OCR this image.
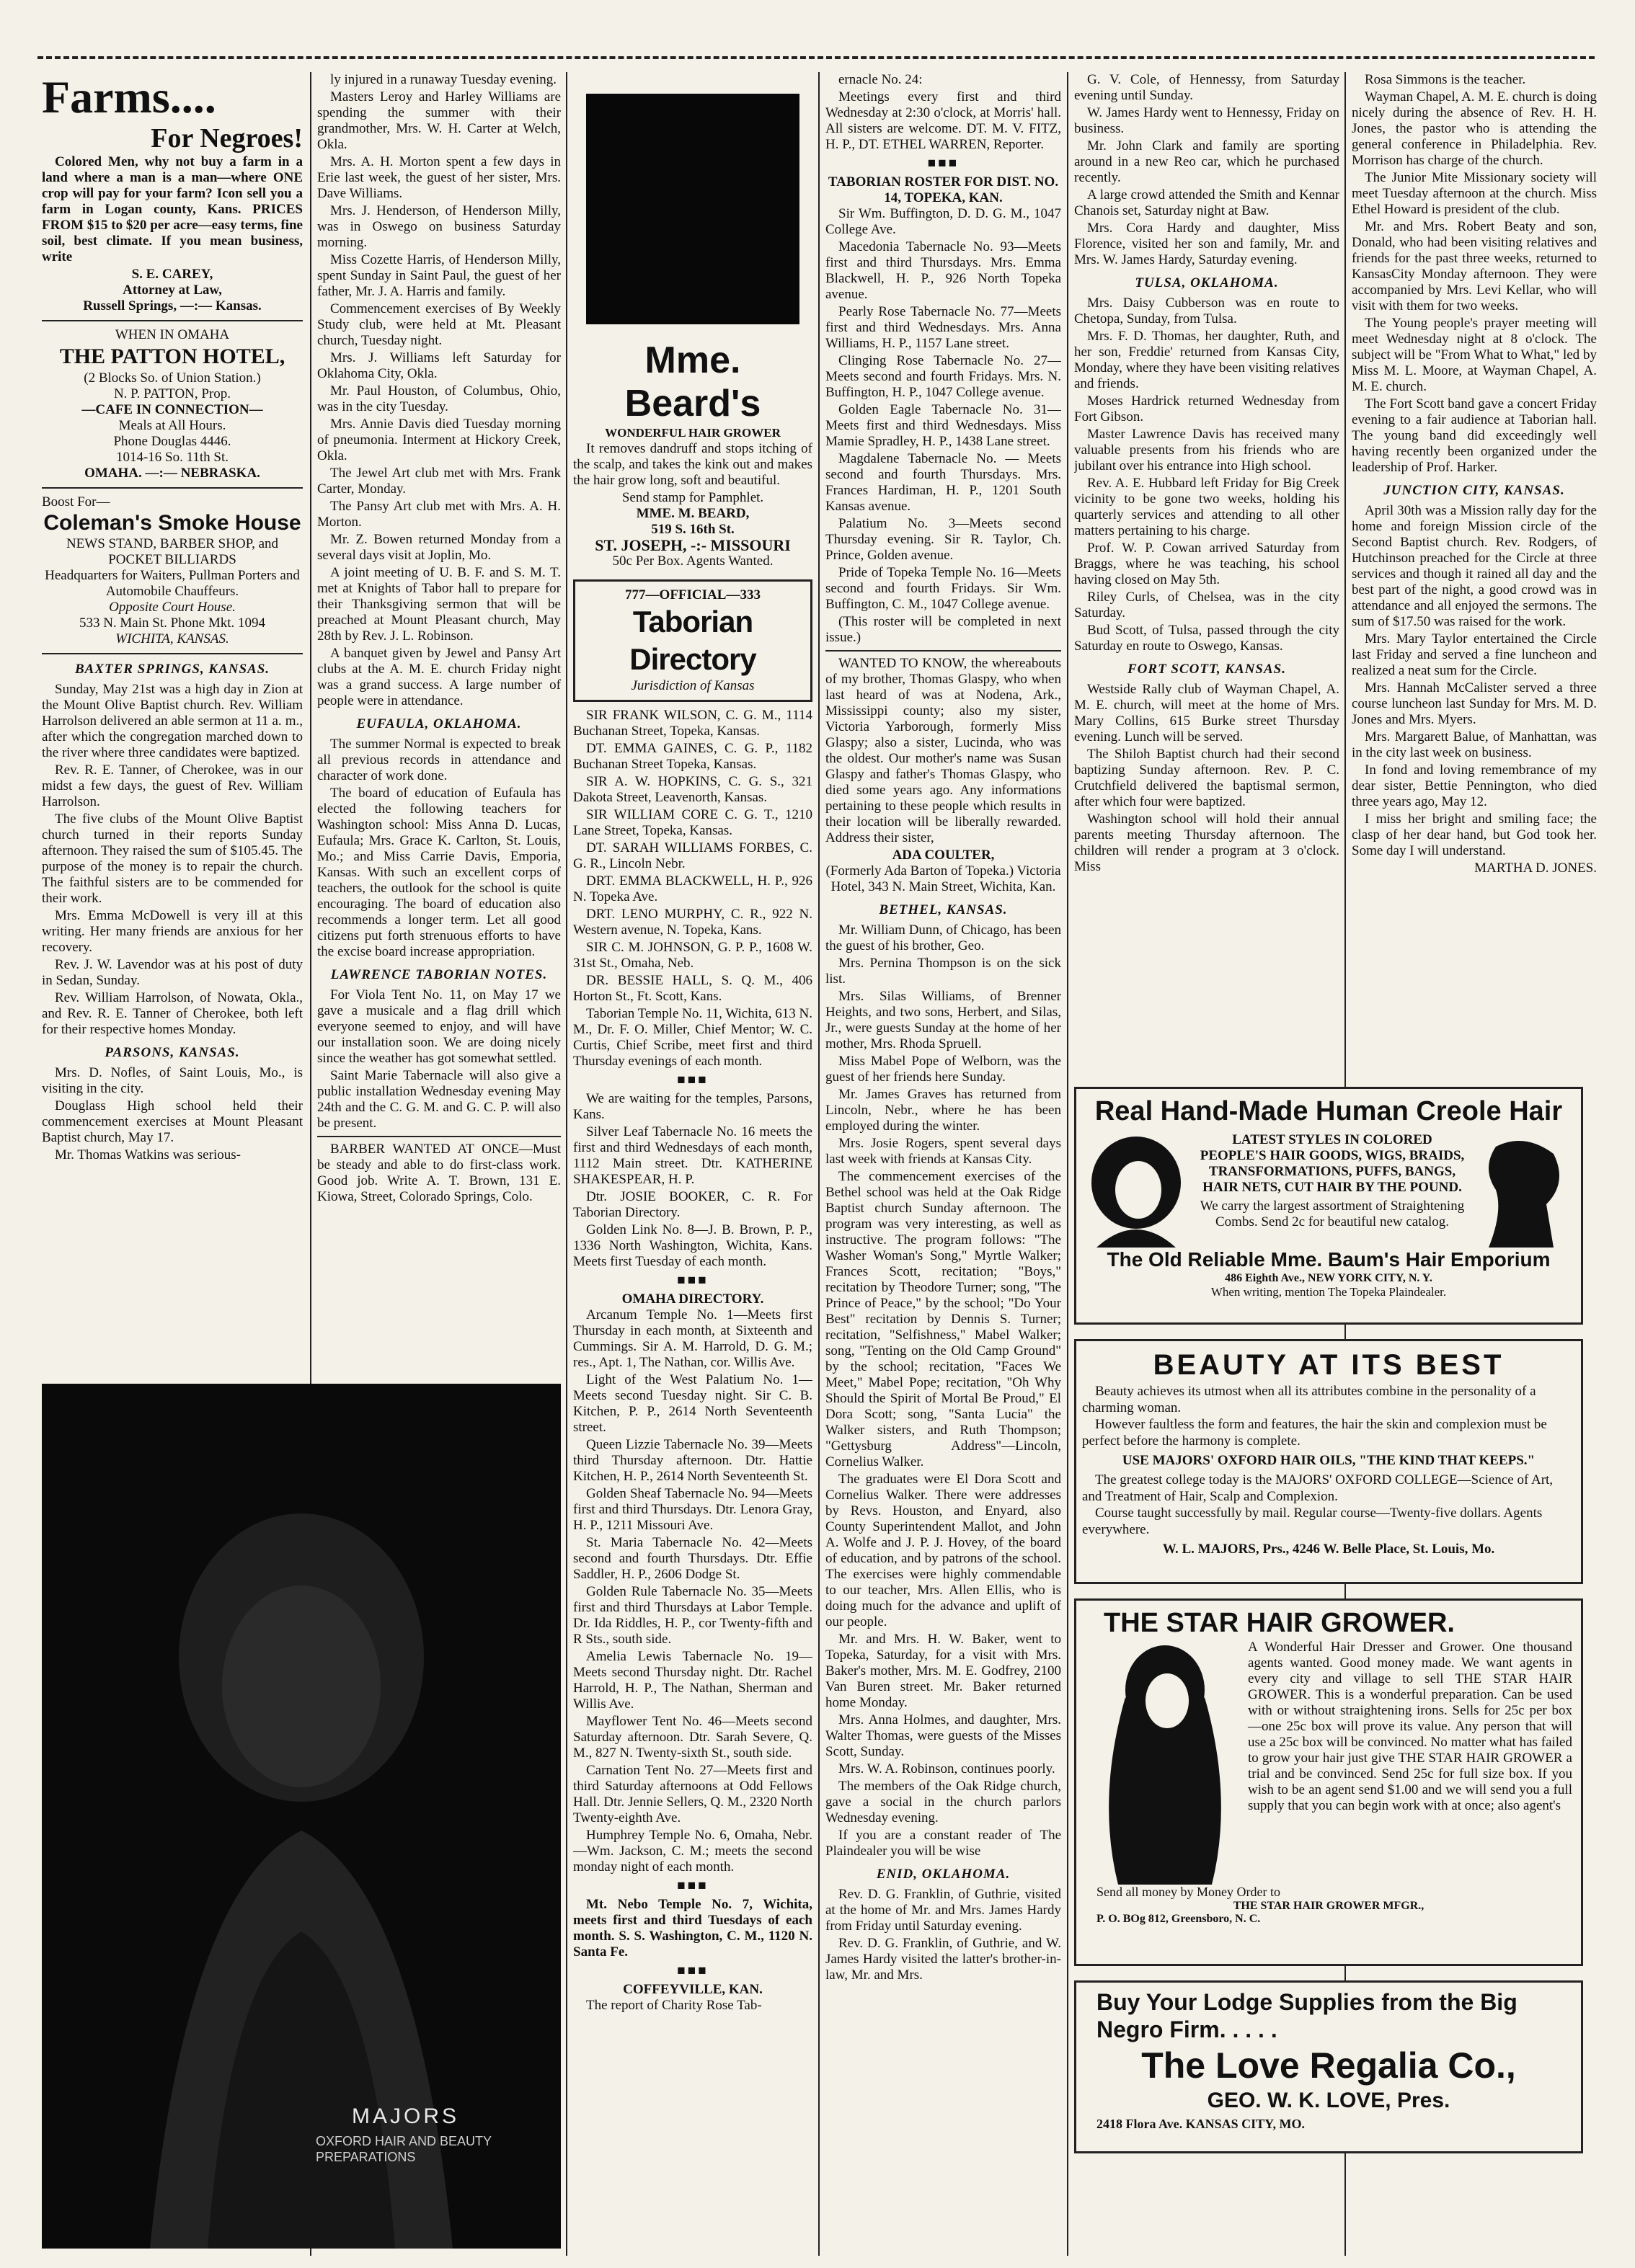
Farms....
For Negroes!

Colored Men, why not buy a farm in a land where a man is a man—where ONE crop will pay for your farm? Icon sell you a farm in Logan county, Kans. PRICES FROM $15 to $20 per acre—easy terms, fine soil, best climate. If you mean business, write

S. E. CAREY,
Attorney at Law,
Russell Springs, —:— Kansas.
WHEN IN OMAHA
THE PATTON HOTEL,
(2 Blocks So. of Union Station.)
N. P. PATTON, Prop.
—CAFE IN CONNECTION—
Meals at All Hours.
Phone Douglas 4446.
1014-16 So. 11th St.
OMAHA. —:— NEBRASKA.
Boost For—
Coleman's Smoke House
NEWS STAND, BARBER SHOP, and POCKET BILLIARDS
Headquarters for Waiters, Pullman Porters and Automobile Chauffeurs.
Opposite Court House.
533 N. Main St. Phone Mkt. 1094
WICHITA, KANSAS.
BAXTER SPRINGS, KANSAS.

Sunday, May 21st was a high day in Zion at the Mount Olive Baptist church. Rev. William Harrolson delivered an able sermon at 11 a. m., after which the congregation marched down to the river where three candidates were baptized.

Rev. R. E. Tanner, of Cherokee, was in our midst a few days, the guest of Rev. William Harrolson.

The five clubs of the Mount Olive Baptist church turned in their reports Sunday afternoon. They raised the sum of $105.45. The purpose of the money is to repair the church. The faithful sisters are to be commended for their work.

Mrs. Emma McDowell is very ill at this writing. Her many friends are anxious for her recovery.

Rev. J. W. Lavendor was at his post of duty in Sedan, Sunday.

Rev. William Harrolson, of Nowata, Okla., and Rev. R. E. Tanner of Cherokee, both left for their respective homes Monday.

PARSONS, KANSAS.

Mrs. D. Nofles, of Saint Louis, Mo., is visiting in the city.

Douglass High school held their commencement exercises at Mount Pleasant Baptist church, May 17.

Mr. Thomas Watkins was serious-

MAJORS
OXFORD HAIR AND BEAUTY PREPARATIONS

ly injured in a runaway Tuesday evening.

Masters Leroy and Harley Williams are spending the summer with their grandmother, Mrs. W. H. Carter at Welch, Okla.

Mrs. A. H. Morton spent a few days in Erie last week, the guest of her sister, Mrs. Dave Williams.

Mrs. J. Henderson, of Henderson Milly, was in Oswego on business Saturday morning.

Miss Cozette Harris, of Henderson Milly, spent Sunday in Saint Paul, the guest of her father, Mr. J. A. Harris and family.

Commencement exercises of By Weekly Study club, were held at Mt. Pleasant church, Tuesday night.

Mrs. J. Williams left Saturday for Oklahoma City, Okla.

Mr. Paul Houston, of Columbus, Ohio, was in the city Tuesday.

Mrs. Annie Davis died Tuesday morning of pneumonia. Interment at Hickory Creek, Okla.

The Jewel Art club met with Mrs. Frank Carter, Monday.

The Pansy Art club met with Mrs. A. H. Morton.

Mr. Z. Bowen returned Monday from a several days visit at Joplin, Mo.

A joint meeting of U. B. F. and S. M. T. met at Knights of Tabor hall to prepare for their Thanksgiving sermon that will be preached at Mount Pleasant church, May 28th by Rev. J. L. Robinson.

A banquet given by Jewel and Pansy Art clubs at the A. M. E. church Friday night was a grand success. A large number of people were in attendance.

EUFAULA, OKLAHOMA.

The summer Normal is expected to break all previous records in attendance and character of work done.

The board of education of Eufaula has elected the following teachers for Washington school: Miss Anna D. Lucas, Eufaula; Mrs. Grace K. Carlton, St. Louis, Mo.; and Miss Carrie Davis, Emporia, Kansas. With such an excellent corps of teachers, the outlook for the school is quite encouraging. The board of education also recommends a longer term. Let all good citizens put forth strenuous efforts to have the excise board increase appropriation.

LAWRENCE TABORIAN NOTES.

For Viola Tent No. 11, on May 17 we gave a musicale and a flag drill which everyone seemed to enjoy, and will have our installation soon. We are doing nicely since the weather has got somewhat settled.

Saint Marie Tabernacle will also give a public installation Wednesday evening May 24th and the C. G. M. and G. C. P. will also be present.

BARBER WANTED AT ONCE—Must be steady and able to do first-class work. Good job. Write A. T. Brown, 131 E. Kiowa, Street, Colorado Springs, Colo.

Mme. Beard's
WONDERFUL HAIR GROWER

It removes dandruff and stops itching of the scalp, and takes the kink out and makes the hair grow long, soft and beautiful.

Send stamp for Pamphlet.
MME. M. BEARD,
519 S. 16th St.
ST. JOSEPH, -:- MISSOURI
50c Per Box. Agents Wanted.
777—OFFICIAL—333
Taborian Directory
Jurisdiction of Kansas

SIR FRANK WILSON, C. G. M., 1114 Buchanan Street, Topeka, Kansas.

DT. EMMA GAINES, C. G. P., 1182 Buchanan Street Topeka, Kansas.

SIR A. W. HOPKINS, C. G. S., 321 Dakota Street, Leavenorth, Kansas.

SIR WILLIAM CORE C. G. T., 1210 Lane Street, Topeka, Kansas.

DT. SARAH WILLIAMS FORBES, C. G. R., Lincoln Nebr.

DRT. EMMA BLACKWELL, H. P., 926 N. Topeka Ave.

DRT. LENO MURPHY, C. R., 922 N. Western avenue, N. Topeka, Kans.

SIR C. M. JOHNSON, G. P. P., 1608 W. 31st St., Omaha, Neb.

DR. BESSIE HALL, S. Q. M., 406 Horton St., Ft. Scott, Kans.

Taborian Temple No. 11, Wichita, 613 N. M., Dr. F. O. Miller, Chief Mentor; W. C. Curtis, Chief Scribe, meet first and third Thursday evenings of each month.

■■■

We are waiting for the temples, Parsons, Kans.

Silver Leaf Tabernacle No. 16 meets the first and third Wednesdays of each month, 1112 Main street. Dtr. KATHERINE SHAKESPEAR, H. P.

Dtr. JOSIE BOOKER, C. R. For Taborian Directory.

Golden Link No. 8—J. B. Brown, P. P., 1336 North Washington, Wichita, Kans. Meets first Tuesday of each month.

■■■
OMAHA DIRECTORY.

Arcanum Temple No. 1—Meets first Thursday in each month, at Sixteenth and Cummings. Sir A. M. Harrold, D. G. M.; res., Apt. 1, The Nathan, cor. Willis Ave.

Light of the West Palatium No. 1—Meets second Tuesday night. Sir C. B. Kitchen, P. P., 2614 North Seventeenth street.

Queen Lizzie Tabernacle No. 39—Meets third Thursday afternoon. Dtr. Hattie Kitchen, H. P., 2614 North Seventeenth St.

Golden Sheaf Tabernacle No. 94—Meets first and third Thursdays. Dtr. Lenora Gray, H. P., 1211 Missouri Ave.

St. Maria Tabernacle No. 42—Meets second and fourth Thursdays. Dtr. Effie Saddler, H. P., 2606 Dodge St.

Golden Rule Tabernacle No. 35—Meets first and third Thursdays at Labor Temple. Dr. Ida Riddles, H. P., cor Twenty-fifth and R Sts., south side.

Amelia Lewis Tabernacle No. 19—Meets second Thursday night. Dtr. Rachel Harrold, H. P., The Nathan, Sherman and Willis Ave.

Mayflower Tent No. 46—Meets second Saturday afternoon. Dtr. Sarah Severe, Q. M., 827 N. Twenty-sixth St., south side.

Carnation Tent No. 27—Meets first and third Saturday afternoons at Odd Fellows Hall. Dtr. Jennie Sellers, Q. M., 2320 North Twenty-eighth Ave.

Humphrey Temple No. 6, Omaha, Nebr.—Wm. Jackson, C. M.; meets the second monday night of each month.

■■■

Mt. Nebo Temple No. 7, Wichita, meets first and third Tuesdays of each month. S. S. Washington, C. M., 1120 N. Santa Fe.

■■■
COFFEYVILLE, KAN.

The report of Charity Rose Tab-

ernacle No. 24:

Meetings every first and third Wednesday at 2:30 o'clock, at Morris' hall. All sisters are welcome. DT. M. V. FITZ, H. P., DT. ETHEL WARREN, Reporter.

■■■
TABORIAN ROSTER FOR DIST. NO. 14, TOPEKA, KAN.

Sir Wm. Buffington, D. D. G. M., 1047 College Ave.

Macedonia Tabernacle No. 93—Meets first and third Thursdays. Mrs. Emma Blackwell, H. P., 926 North Topeka avenue.

Pearly Rose Tabernacle No. 77—Meets first and third Wednesdays. Mrs. Anna Williams, H. P., 1157 Lane street.

Clinging Rose Tabernacle No. 27—Meets second and fourth Fridays. Mrs. N. Buffington, H. P., 1047 College avenue.

Golden Eagle Tabernacle No. 31—Meets first and third Wednesdays. Miss Mamie Spradley, H. P., 1438 Lane street.

Magdalene Tabernacle No. — Meets second and fourth Thursdays. Mrs. Frances Hardiman, H. P., 1201 South Kansas avenue.

Palatium No. 3—Meets second Thursday evening. Sir R. Taylor, Ch. Prince, Golden avenue.

Pride of Topeka Temple No. 16—Meets second and fourth Fridays. Sir Wm. Buffington, C. M., 1047 College avenue.

(This roster will be completed in next issue.)

WANTED TO KNOW, the whereabouts of my brother, Thomas Glaspy, who when last heard of was at Nodena, Ark., Mississippi county; also my sister, Victoria Yarborough, formerly Miss Glaspy; also a sister, Lucinda, who was the oldest. Our mother's name was Susan Glaspy and father's Thomas Glaspy, who died some years ago. Any informations pertaining to these people which results in their location will be liberally rewarded. Address their sister,

ADA COULTER,
(Formerly Ada Barton of Topeka.) Victoria Hotel, 343 N. Main Street, Wichita, Kan.
BETHEL, KANSAS.

Mr. William Dunn, of Chicago, has been the guest of his brother, Geo.

Mrs. Pernina Thompson is on the sick list.

Mrs. Silas Williams, of Brenner Heights, and two sons, Herbert, and Silas, Jr., were guests Sunday at the home of her mother, Mrs. Rhoda Spruell.

Miss Mabel Pope of Welborn, was the guest of her friends here Sunday.

Mr. James Graves has returned from Lincoln, Nebr., where he has been employed during the winter.

Mrs. Josie Rogers, spent several days last week with friends at Kansas City.

The commencement exercises of the Bethel school was held at the Oak Ridge Baptist church Sunday afternoon. The program was very interesting, as well as instructive. The program follows: "The Washer Woman's Song," Myrtle Walker; Frances Scott, recitation; "Boys," recitation by Theodore Turner; song, "The Prince of Peace," by the school; "Do Your Best" recitation by Dennis S. Turner; recitation, "Selfishness," Mabel Walker; song, "Tenting on the Old Camp Ground" by the school; recitation, "Faces We Meet," Mabel Pope; recitation, "Oh Why Should the Spirit of Mortal Be Proud," El Dora Scott; song, "Santa Lucia" the Walker sisters, and Ruth Thompson; "Gettysburg Address"—Lincoln, Cornelius Walker.

The graduates were El Dora Scott and Cornelius Walker. There were addresses by Revs. Houston, and Enyard, also County Superintendent Mallot, and John A. Wolfe and J. P. J. Hovey, of the board of education, and by patrons of the school. The exercises were highly commendable to our teacher, Mrs. Allen Ellis, who is doing much for the advance and uplift of our people.

Mr. and Mrs. H. W. Baker, went to Topeka, Saturday, for a visit with Mrs. Baker's mother, Mrs. M. E. Godfrey, 2100 Van Buren street. Mr. Baker returned home Monday.

Mrs. Anna Holmes, and daughter, Mrs. Walter Thomas, were guests of the Misses Scott, Sunday.

Mrs. W. A. Robinson, continues poorly.

The members of the Oak Ridge church, gave a social in the church parlors Wednesday evening.

If you are a constant reader of The Plaindealer you will be wise

ENID, OKLAHOMA.

Rev. D. G. Franklin, of Guthrie, visited at the home of Mr. and Mrs. James Hardy from Friday until Saturday evening.

Rev. D. G. Franklin, of Guthrie, and W. James Hardy visited the latter's brother-in-law, Mr. and Mrs.

G. V. Cole, of Hennessy, from Saturday evening until Sunday.

W. James Hardy went to Hennessy, Friday on business.

Mr. John Clark and family are sporting around in a new Reo car, which he purchased recently.

A large crowd attended the Smith and Kennar Chanois set, Saturday night at Baw.

Mrs. Cora Hardy and daughter, Miss Florence, visited her son and family, Mr. and Mrs. W. James Hardy, Saturday evening.

TULSA, OKLAHOMA.

Mrs. Daisy Cubberson was en route to Chetopa, Sunday, from Tulsa.

Mrs. F. D. Thomas, her daughter, Ruth, and her son, Freddie' returned from Kansas City, Monday, where they have been visiting relatives and friends.

Moses Hardrick returned Wednesday from Fort Gibson.

Master Lawrence Davis has received many valuable presents from his friends who are jubilant over his entrance into High school.

Rev. A. E. Hubbard left Friday for Big Creek vicinity to be gone two weeks, holding his quarterly services and attending to all other matters pertaining to his charge.

Prof. W. P. Cowan arrived Saturday from Braggs, where he was teaching, his school having closed on May 5th.

Riley Curls, of Chelsea, was in the city Saturday.

Bud Scott, of Tulsa, passed through the city Saturday en route to Oswego, Kansas.

FORT SCOTT, KANSAS.

Westside Rally club of Wayman Chapel, A. M. E. church, will meet at the home of Mrs. Mary Collins, 615 Burke street Thursday evening. Lunch will be served.

The Shiloh Baptist church had their second baptizing Sunday afternoon. Rev. P. C. Crutchfield delivered the baptismal sermon, after which four were baptized.

Washington school will hold their annual parents meeting Thursday afternoon. The children will render a program at 3 o'clock. Miss

Rosa Simmons is the teacher.

Wayman Chapel, A. M. E. church is doing nicely during the absence of Rev. H. H. Jones, the pastor who is attending the general conference in Philadelphia. Rev. Morrison has charge of the church.

The Junior Mite Missionary society will meet Tuesday afternoon at the church. Miss Ethel Howard is president of the club.

Mr. and Mrs. Robert Beaty and son, Donald, who had been visiting relatives and friends for the past three weeks, returned to KansasCity Monday afternoon. They were accompanied by Mrs. Levi Kellar, who will visit with them for two weeks.

The Young people's prayer meeting will meet Wednesday night at 8 o'clock. The subject will be "From What to What," led by Miss M. L. Moore, at Wayman Chapel, A. M. E. church.

The Fort Scott band gave a concert Friday evening to a fair audience at Taborian hall. The young band did exceedingly well having recently been organized under the leadership of Prof. Harker.

JUNCTION CITY, KANSAS.

April 30th was a Mission rally day for the home and foreign Mission circle of the Second Baptist church. Rev. Rodgers, of Hutchinson preached for the Circle at three services and though it rained all day and the best part of the night, a good crowd was in attendance and all enjoyed the sermons. The sum of $17.50 was raised for the work.

Mrs. Mary Taylor entertained the Circle last Friday and served a fine luncheon and realized a neat sum for the Circle.

Mrs. Hannah McCalister served a three course luncheon last Sunday for Mrs. M. D. Jones and Mrs. Myers.

Mrs. Margarett Balue, of Manhattan, was in the city last week on business.

In fond and loving remembrance of my dear sister, Bettie Pennington, who died three years ago, May 12.

I miss her bright and smiling face; the clasp of her dear hand, but God took her. Some day I will understand.

MARTHA D. JONES.
Real Hand-Made Human Creole Hair
LATEST STYLES IN COLORED PEOPLE'S HAIR GOODS, WIGS, BRAIDS, TRANSFORMATIONS, PUFFS, BANGS, HAIR NETS, CUT HAIR BY THE POUND.
We carry the largest assortment of Straightening Combs. Send 2c for beautiful new catalog.
The Old Reliable Mme. Baum's Hair Emporium
486 Eighth Ave., NEW YORK CITY, N. Y.
When writing, mention The Topeka Plaindealer.
BEAUTY AT ITS BEST

Beauty achieves its utmost when all its attributes combine in the personality of a charming woman.

However faultless the form and features, the hair the skin and complexion must be perfect before the harmony is complete.

USE MAJORS' OXFORD HAIR OILS, "THE KIND THAT KEEPS."

The greatest college today is the MAJORS' OXFORD COLLEGE—Science of Art, and Treatment of Hair, Scalp and Complexion.

Course taught successfully by mail. Regular course—Twenty-five dollars. Agents everywhere.

W. L. MAJORS, Prs., 4246 W. Belle Place, St. Louis, Mo.
THE STAR HAIR GROWER.
A Wonderful Hair Dresser and Grower. One thousand agents wanted. Good money made. We want agents in every city and village to sell THE STAR HAIR GROWER. This is a wonderful preparation. Can be used with or without straightening irons. Sells for 25c per box—one 25c box will prove its value. Any person that will use a 25c box will be convinced. No matter what has failed to grow your hair just give THE STAR HAIR GROWER a trial and be convinced. Send 25c for full size box. If you wish to be an agent send $1.00 and we will send you a full supply that you can begin work with at once; also agent's
Send all money by Money Order to
THE STAR HAIR GROWER MFGR.,
P. O. BOg 812, Greensboro, N. C.
Buy Your Lodge Supplies from the Big Negro Firm. . . . .
The Love Regalia Co.,
GEO. W. K. LOVE, Pres.
2418 Flora Ave. KANSAS CITY, MO.
